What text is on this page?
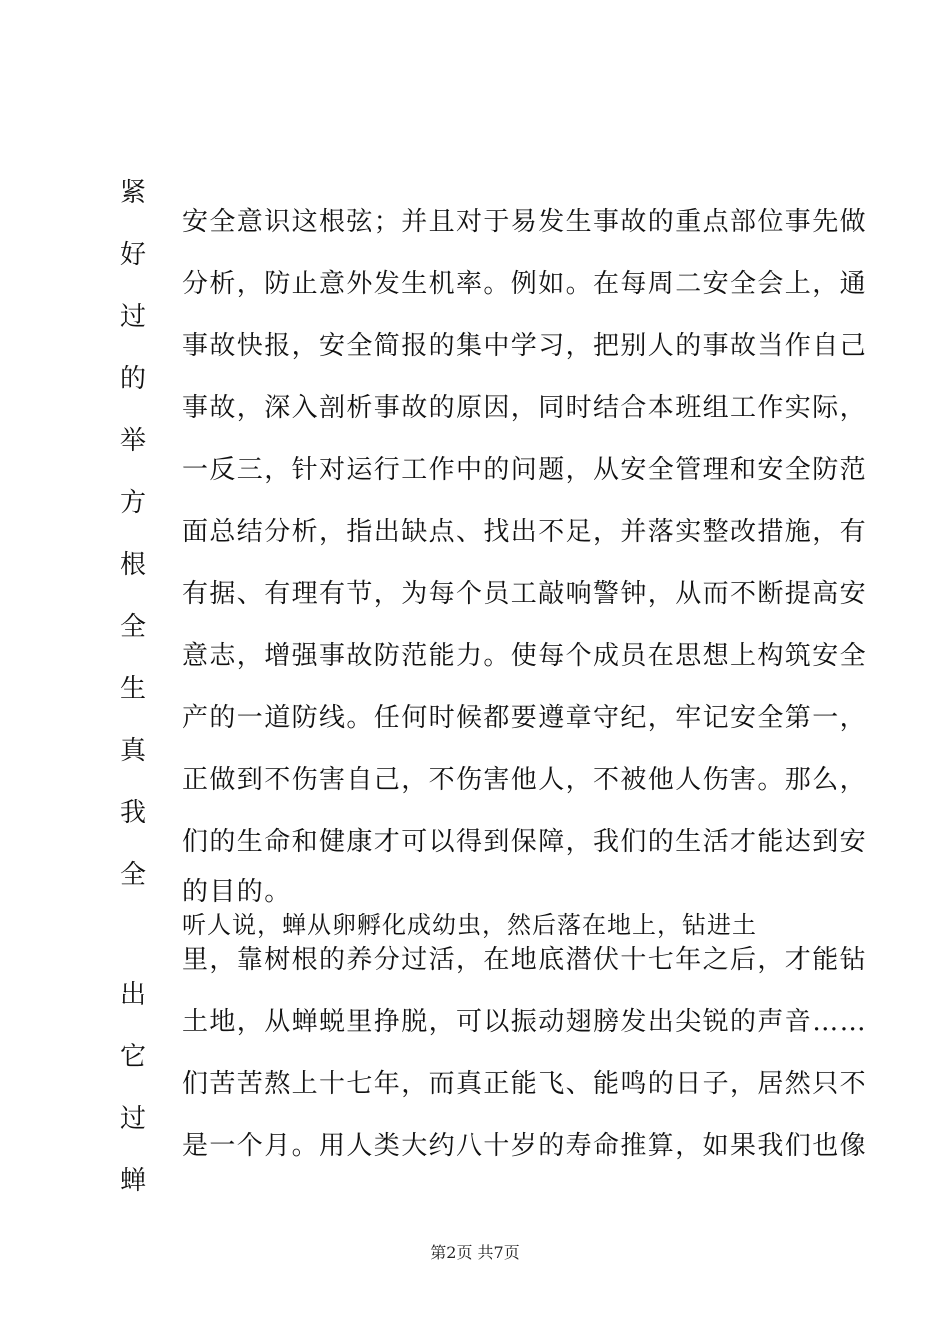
紧
好
过
的
举
方
根
全
生
真
我
全
出
它
过
蝉
安全意识这根弦；并且对于易发生事故的重点部位事先做
分析，防止意外发生机率。例如。在每周二安全会上，通
事故快报，安全简报的集中学习，把别人的事故当作自己
事故，深入剖析事故的原因，同时结合本班组工作实际，
一反三，针对运行工作中的问题，从安全管理和安全防范
面总结分析，指出缺点、找出不足，并落实整改措施，有
有据、有理有节，为每个员工敲响警钟，从而不断提高安
意志，增强事故防范能力。使每个成员在思想上构筑安全
产的一道防线。任何时候都要遵章守纪，牢记安全第一，
正做到不伤害自己，不伤害他人，不被他人伤害。那么，
们的生命和健康才可以得到保障，我们的生活才能达到安
的目的。
听人说，蝉从卵孵化成幼虫，然后落在地上，钻进土
里，靠树根的养分过活，在地底潜伏十七年之后，才能钻
土地，从蝉蜕里挣脱，可以振动翅膀发出尖锐的声音……
们苦苦熬上十七年，而真正能飞、能鸣的日子，居然只不
是一个月。用人类大约八十岁的寿命推算，如果我们也像
第2页 共7页
